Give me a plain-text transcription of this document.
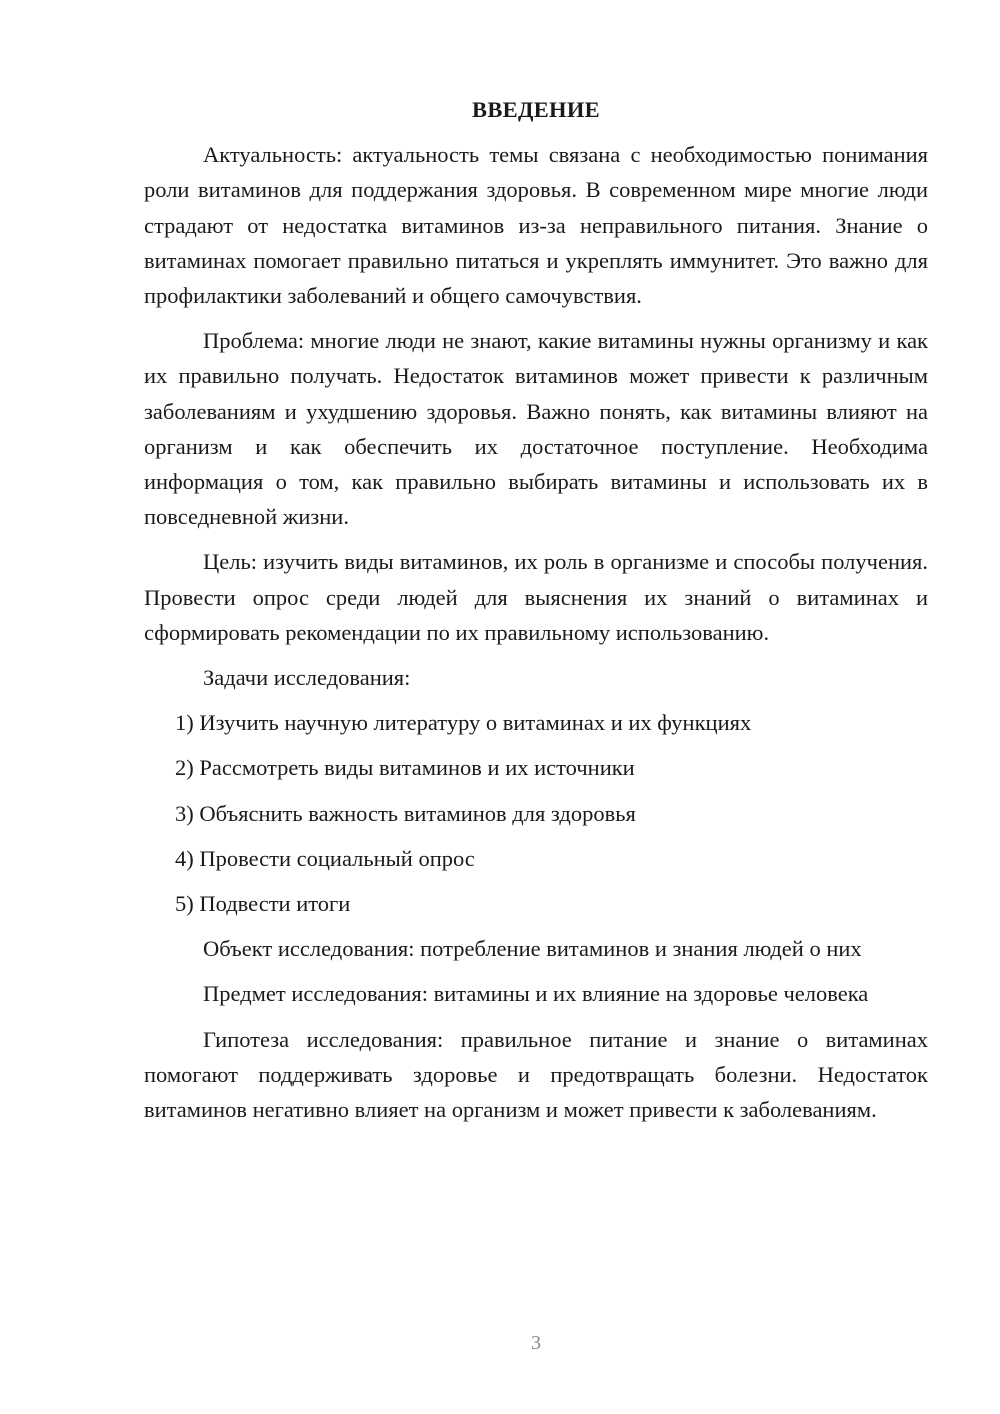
ВВЕДЕНИЕ

Актуальность: актуальность темы связана с необходимостью понимания роли витаминов для поддержания здоровья. В современном мире многие люди страдают от недостатка витаминов из-за неправильного питания. Знание о витаминах помогает правильно питаться и укреплять иммунитет. Это важно для профилактики заболеваний и общего самочувствия.

Проблема: многие люди не знают, какие витамины нужны организму и как их правильно получать. Недостаток витаминов может привести к различным заболеваниям и ухудшению здоровья. Важно понять, как витамины влияют на организм и как обеспечить их достаточное поступление. Необходима информация о том, как правильно выбирать витамины и использовать их в повседневной жизни.

Цель: изучить виды витаминов, их роль в организме и способы получения. Провести опрос среди людей для выяснения их знаний о витаминах и сформировать рекомендации по их правильному использованию.

Задачи исследования:
1) Изучить научную литературу о витаминах и их функциях
2) Рассмотреть виды витаминов и их источники
3) Объяснить важность витаминов для здоровья
4) Провести социальный опрос
5) Подвести итоги
Объект исследования: потребление витаминов и знания людей о них

Предмет исследования: витамины и их влияние на здоровье человека

Гипотеза исследования: правильное питание и знание о витаминах помогают поддерживать здоровье и предотвращать болезни. Недостаток витаминов негативно влияет на организм и может привести к заболеваниям.

3
